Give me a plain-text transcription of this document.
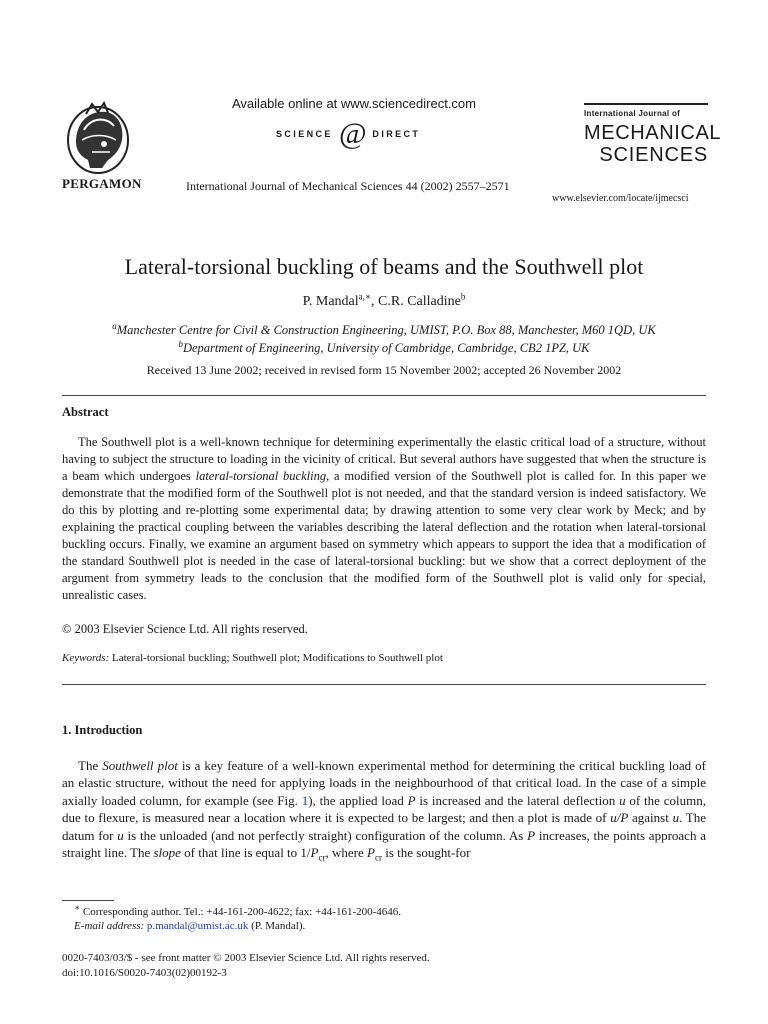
PERGAMON
Available online at www.sciencedirect.com
SCIENCE @ DIRECT
International Journal of Mechanical Sciences 44 (2002) 2557–2571
International Journal of
MECHANICAL
SCIENCES
www.elsevier.com/locate/ijmecsci
Lateral-torsional buckling of beams and the Southwell plot
P. Mandal$^{a,∗}$, C.R. Calladine$^b$
$^a$Manchester Centre for Civil & Construction Engineering, UMIST, P.O. Box 88, Manchester, M60 1QD, UK
$^b$Department of Engineering, University of Cambridge, Cambridge, CB2 1PZ, UK
Received 13 June 2002; received in revised form 15 November 2002; accepted 26 November 2002
Abstract
The Southwell plot is a well-known technique for determining experimentally the elastic critical load of a structure, without having to subject the structure to loading in the vicinity of critical. But several authors have suggested that when the structure is a beam which undergoes lateral-torsional buckling, a modified version of the Southwell plot is called for. In this paper we demonstrate that the modified form of the Southwell plot is not needed, and that the standard version is indeed satisfactory. We do this by plotting and re-plotting some experimental data; by drawing attention to some very clear work by Meck; and by explaining the practical coupling between the variables describing the lateral deflection and the rotation when lateral-torsional buckling occurs. Finally, we examine an argument based on symmetry which appears to support the idea that a modification of the standard Southwell plot is needed in the case of lateral-torsional buckling: but we show that a correct deployment of the argument from symmetry leads to the conclusion that the modified form of the Southwell plot is valid only for special, unrealistic cases.
© 2003 Elsevier Science Ltd. All rights reserved.
Keywords: Lateral-torsional buckling; Southwell plot; Modifications to Southwell plot
1. Introduction
The Southwell plot is a key feature of a well-known experimental method for determining the critical buckling load of an elastic structure, without the need for applying loads in the neighbourhood of that critical load. In the case of a simple axially loaded column, for example (see Fig. 1), the applied load P is increased and the lateral deflection u of the column, due to flexure, is measured near a location where it is expected to be largest; and then a plot is made of u/P against u. The datum for u is the unloaded (and not perfectly straight) configuration of the column. As P increases, the points approach a straight line. The slope of that line is equal to $1/P_{cr}$, where $P_{cr}$ is the sought-for
∗ Corresponding author. Tel.: +44-161-200-4622; fax: +44-161-200-4646.
E-mail address: p.mandal@umist.ac.uk (P. Mandal).
0020-7403/03/$ - see front matter © 2003 Elsevier Science Ltd. All rights reserved.
doi:10.1016/S0020-7403(02)00192-3
